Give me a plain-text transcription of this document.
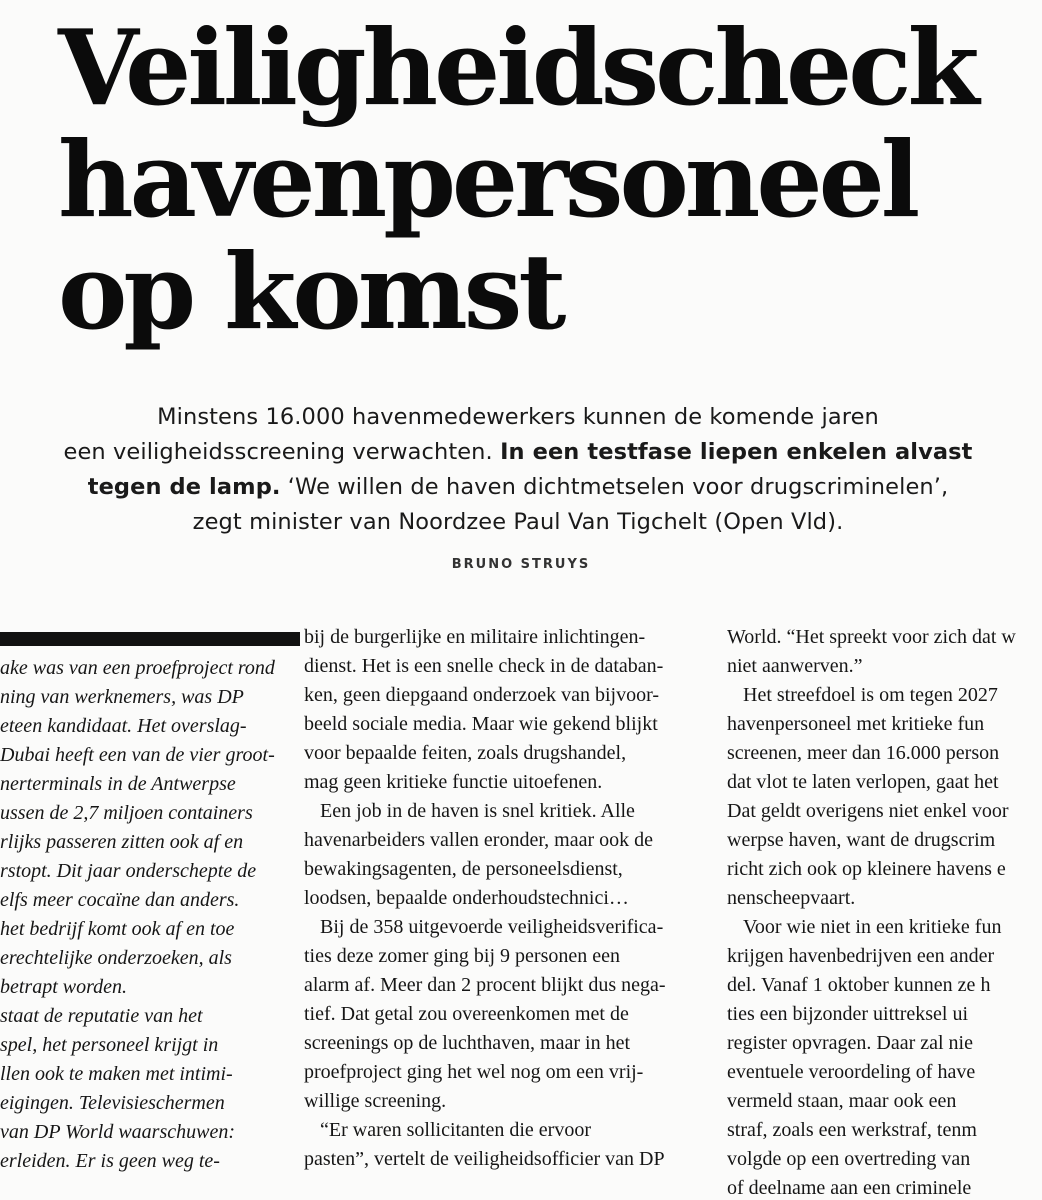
Veiligheidscheck
havenpersoneel
op komst
Minstens 16.000 havenmedewerkers kunnen de komende jaren
een veiligheidsscreening verwachten. In een testfase liepen enkelen alvast
tegen de lamp. ‘We willen de haven dichtmetselen voor drugscriminelen’,
zegt minister van Noordzee Paul Van Tigchelt (Open Vld).
BRUNO STRUYS
ake was van een proefproject rond
ning van werknemers, was DP
eteen kandidaat. Het overslag-
Dubai heeft een van de vier groot-
nerterminals in de Antwerpse
ussen de 2,7 miljoen containers
rlijks passeren zitten ook af en
rstopt. Dit jaar onderschepte de
elfs meer cocaïne dan anders.
het bedrijf komt ook af en toe
erechtelijke onderzoeken, als
betrapt worden.
staat de reputatie van het
spel, het personeel krijgt in
llen ook te maken met intimi-
eigingen. Televisieschermen
van DP World waarschuwen:
erleiden. Er is geen weg te-
bij de burgerlijke en militaire inlichtingen-
dienst. Het is een snelle check in de databan-
ken, geen diepgaand onderzoek van bijvoor-
beeld sociale media. Maar wie gekend blijkt
voor bepaalde feiten, zoals drugshandel,
mag geen kritieke functie uitoefenen.
Een job in de haven is snel kritiek. Alle
havenarbeiders vallen eronder, maar ook de
bewakingsagenten, de personeelsdienst,
loodsen, bepaalde onderhoudstechnici…
Bij de 358 uitgevoerde veiligheidsverifica-
ties deze zomer ging bij 9 personen een
alarm af. Meer dan 2 procent blijkt dus nega-
tief. Dat getal zou overeenkomen met de
screenings op de luchthaven, maar in het
proefproject ging het wel nog om een vrij-
willige screening.
“Er waren sollicitanten die ervoor
pasten”, vertelt de veiligheidsofficier van DP
World. “Het spreekt voor zich dat w
niet aanwerven.”
Het streefdoel is om tegen 2027
havenpersoneel met kritieke fun
screenen, meer dan 16.000 person
dat vlot te laten verlopen, gaat het
Dat geldt overigens niet enkel voor
werpse haven, want de drugscrim
richt zich ook op kleinere havens e
nenscheepvaart.
Voor wie niet in een kritieke fun
krijgen havenbedrijven een ander
del. Vanaf 1 oktober kunnen ze h
ties een bijzonder uittreksel ui
register opvragen. Daar zal nie
eventuele veroordeling of have
vermeld staan, maar ook een
straf, zoals een werkstraf, tenm
volgde op een overtreding van
of deelname aan een criminele
